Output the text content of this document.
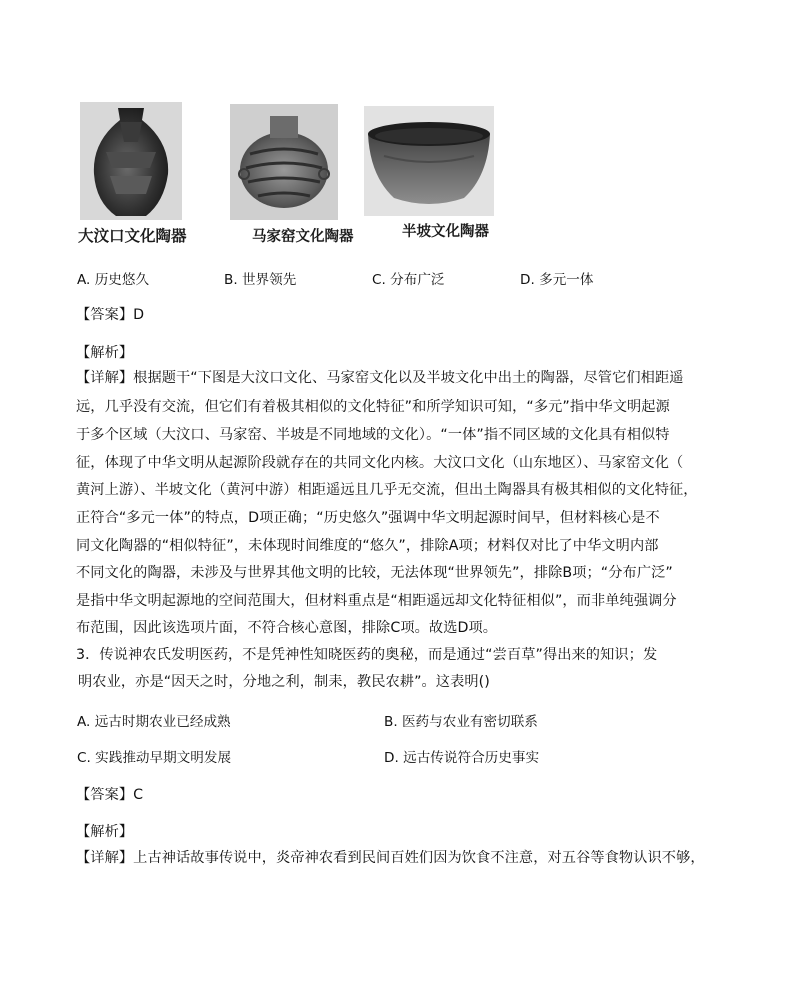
大汶口文化陶器	马家窑文化陶器	半坡文化陶器
A. 历史悠久	B. 世界领先	C. 分布广泛	D. 多元一体
【答案】D
【解析】
【详解】根据题干“下图是大汶口文化、马家窑文化以及半坡文化中出土的陶器，尽管它们相距遥
远，几乎没有交流，但它们有着极其相似的文化特征”和所学知识可知，“多元”指中华文明起源
于多个区域（大汶口、马家窑、半坡是不同地域的文化）。“一体”指不同区域的文化具有相似特
征，体现了中华文明从起源阶段就存在的共同文化内核。大汶口文化（山东地区）、马家窑文化（
黄河上游）、半坡文化（黄河中游）相距遥远且几乎无交流，但出土陶器具有极其相似的文化特征，
正符合“多元一体”的特点，D项正确；“历史悠久”强调中华文明起源时间早，但材料核心是不
同文化陶器的“相似特征”，未体现时间维度的“悠久”，排除A项；材料仅对比了中华文明内部
不同文化的陶器，未涉及与世界其他文明的比较，无法体现“世界领先”，排除B项；“分布广泛”
是指中华文明起源地的空间范围大，但材料重点是“相距遥远却文化特征相似”，而非单纯强调分
布范围，因此该选项片面，不符合核心意图，排除C项。故选D项。
3．传说神农氏发明医药，不是凭神性知晓医药的奥秘，而是通过“尝百草”得出来的知识；发
明农业，亦是“因天之时，分地之利，制耒，教民农耕”。这表明()
A. 远古时期农业已经成熟	B. 医药与农业有密切联系
C. 实践推动早期文明发展	D. 远古传说符合历史事实
【答案】C
【解析】
【详解】上古神话故事传说中，炎帝神农看到民间百姓们因为饮食不注意，对五谷等食物认识不够，
